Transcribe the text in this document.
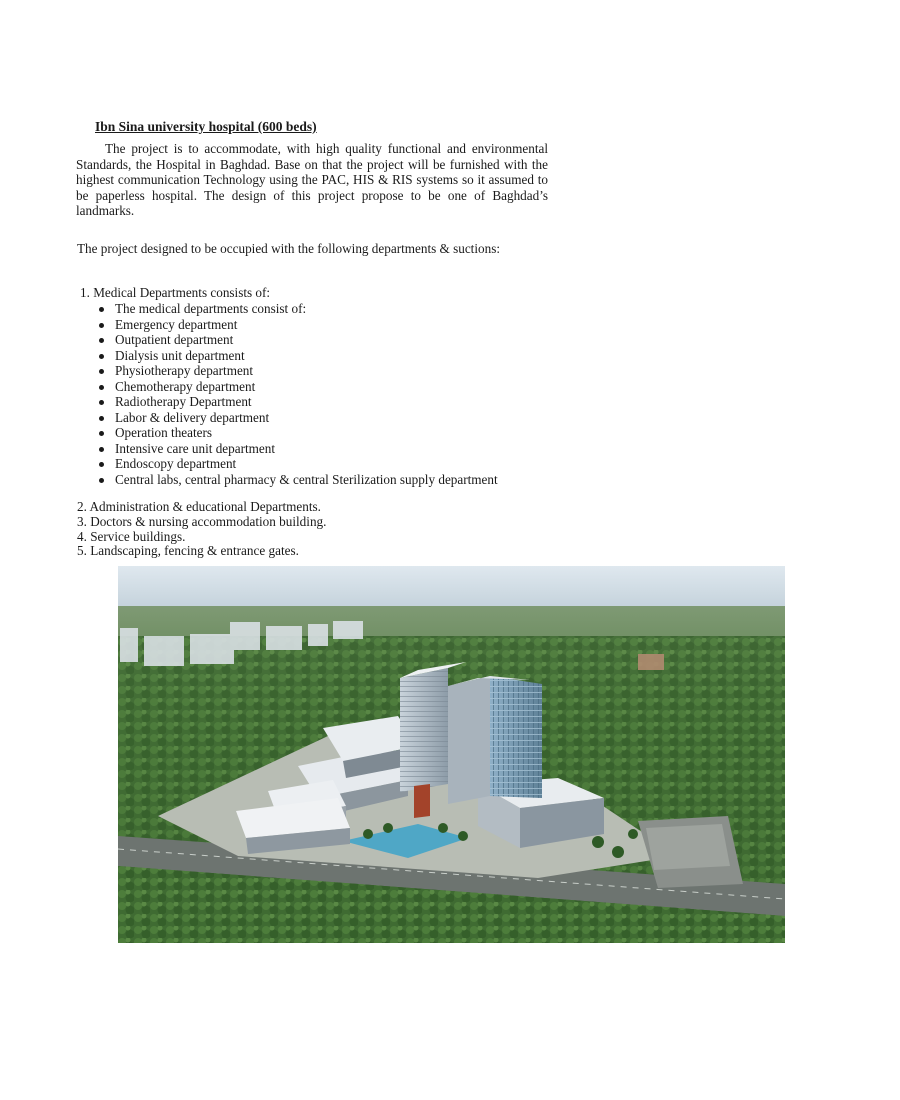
Ibn Sina university hospital (600 beds)

The project is to accommodate, with high quality functional and environmental Standards, the Hospital in Baghdad. Base on that the project will be furnished with the highest communication Technology using the PAC, HIS & RIS systems so it assumed to be paperless hospital. The design of this project propose to be one of Baghdad’s landmarks.

The project designed to be occupied with the following departments & suctions:

1. Medical Departments consists of:

The medical departments consist of:
Emergency department
Outpatient department
Dialysis unit department
Physiotherapy department
Chemotherapy department
Radiotherapy Department
Labor & delivery department
Operation theaters
Intensive care unit department
Endoscopy department
Central labs, central pharmacy & central Sterilization supply department
2. Administration & educational Departments.
3. Doctors & nursing accommodation building.
4. Service buildings.
5. Landscaping, fencing & entrance gates.
